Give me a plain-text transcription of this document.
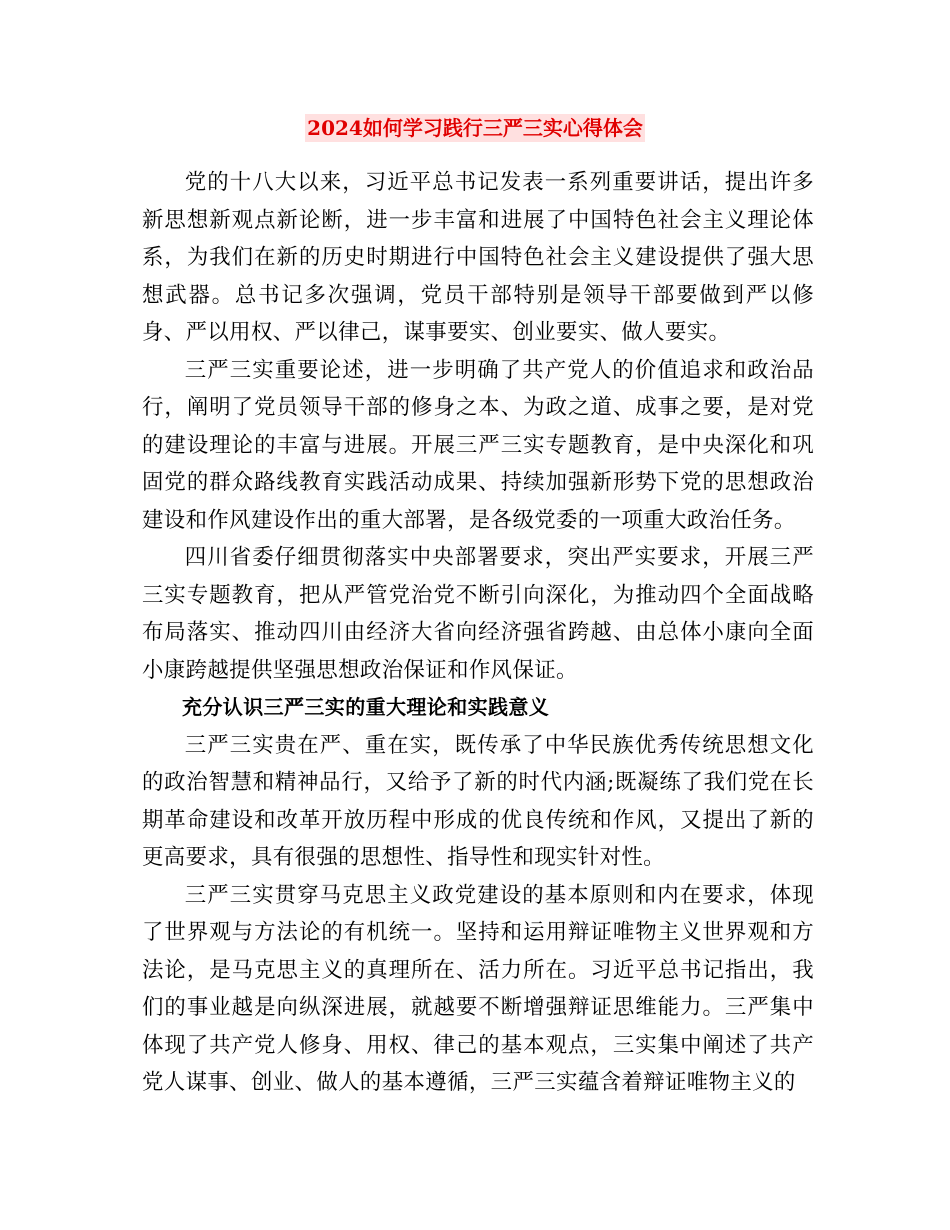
2024如何学习践行三严三实心得体会

党的十八大以来，习近平总书记发表一系列重要讲话，提出许多新思想新观点新论断，进一步丰富和进展了中国特色社会主义理论体系，为我们在新的历史时期进行中国特色社会主义建设提供了强大思想武器。总书记多次强调，党员干部特别是领导干部要做到严以修身、严以用权、严以律己，谋事要实、创业要实、做人要实。

三严三实重要论述，进一步明确了共产党人的价值追求和政治品行，阐明了党员领导干部的修身之本、为政之道、成事之要，是对党的建设理论的丰富与进展。开展三严三实专题教育，是中央深化和巩固党的群众路线教育实践活动成果、持续加强新形势下党的思想政治建设和作风建设作出的重大部署，是各级党委的一项重大政治任务。

四川省委仔细贯彻落实中央部署要求，突出严实要求，开展三严三实专题教育，把从严管党治党不断引向深化，为推动四个全面战略布局落实、推动四川由经济大省向经济强省跨越、由总体小康向全面小康跨越提供坚强思想政治保证和作风保证。

充分认识三严三实的重大理论和实践意义

三严三实贵在严、重在实，既传承了中华民族优秀传统思想文化的政治智慧和精神品行，又给予了新的时代内涵;既凝练了我们党在长期革命建设和改革开放历程中形成的优良传统和作风，又提出了新的更高要求，具有很强的思想性、指导性和现实针对性。

三严三实贯穿马克思主义政党建设的基本原则和内在要求，体现了世界观与方法论的有机统一。坚持和运用辩证唯物主义世界观和方法论，是马克思主义的真理所在、活力所在。习近平总书记指出，我们的事业越是向纵深进展，就越要不断增强辩证思维能力。三严集中体现了共产党人修身、用权、律己的基本观点，三实集中阐述了共产党人谋事、创业、做人的基本遵循，三严三实蕴含着辩证唯物主义的
